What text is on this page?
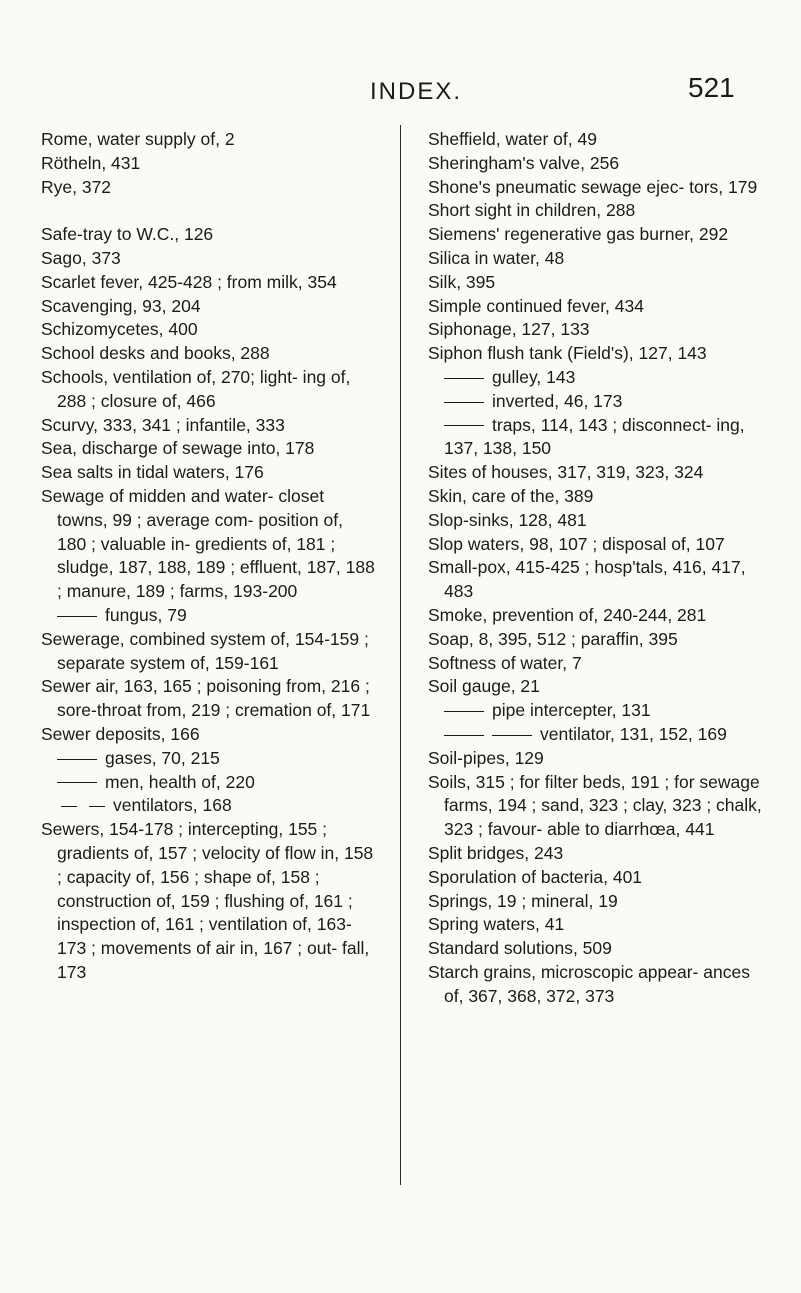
INDEX.	521
Rome, water supply of, 2
Rötheln, 431
Rye, 372
Safe-tray to W.C., 126
Sago, 373
Scarlet fever, 425-428 ; from milk, 354
Scavenging, 93, 204
Schizomycetes, 400
School desks and books, 288
Schools, ventilation of, 270; light- ing of, 288 ; closure of, 466
Scurvy, 333, 341 ; infantile, 333
Sea, discharge of sewage into, 178
Sea salts in tidal waters, 176
Sewage of midden and water- closet towns, 99 ; average com- position of, 180 ; valuable in- gredients of, 181 ; sludge, 187, 188, 189 ; effluent, 187, 188 ; manure, 189 ; farms, 193-200
fungus, 79
Sewerage, combined system of, 154-159 ; separate system of, 159-161
Sewer air, 163, 165 ; poisoning from, 216 ; sore-throat from, 219 ; cremation of, 171
Sewer deposits, 166
gases, 70, 215
men, health of, 220
ventilators, 168
Sewers, 154-178 ; intercepting, 155 ; gradients of, 157 ; velocity of flow in, 158 ; capacity of, 156 ; shape of, 158 ; construction of, 159 ; flushing of, 161 ; inspection of, 161 ; ventilation of, 163-173 ; movements of air in, 167 ; out- fall, 173
Sheffield, water of, 49
Sheringham's valve, 256
Shone's pneumatic sewage ejec- tors, 179
Short sight in children, 288
Siemens' regenerative gas burner, 292
Silica in water, 48
Silk, 395
Simple continued fever, 434
Siphonage, 127, 133
Siphon flush tank (Field's), 127, 143
gulley, 143
inverted, 46, 173
traps, 114, 143 ; disconnect- ing, 137, 138, 150
Sites of houses, 317, 319, 323, 324
Skin, care of the, 389
Slop-sinks, 128, 481
Slop waters, 98, 107 ; disposal of, 107
Small-pox, 415-425 ; hosp'tals, 416, 417, 483
Smoke, prevention of, 240-244, 281
Soap, 8, 395, 512 ; paraffin, 395
Softness of water, 7
Soil gauge, 21
pipe intercepter, 131
ventilator, 131, 152, 169
Soil-pipes, 129
Soils, 315 ; for filter beds, 191 ; for sewage farms, 194 ; sand, 323 ; clay, 323 ; chalk, 323 ; favour- able to diarrhœa, 441
Split bridges, 243
Sporulation of bacteria, 401
Springs, 19 ; mineral, 19
Spring waters, 41
Standard solutions, 509
Starch grains, microscopic appear- ances of, 367, 368, 372, 373
